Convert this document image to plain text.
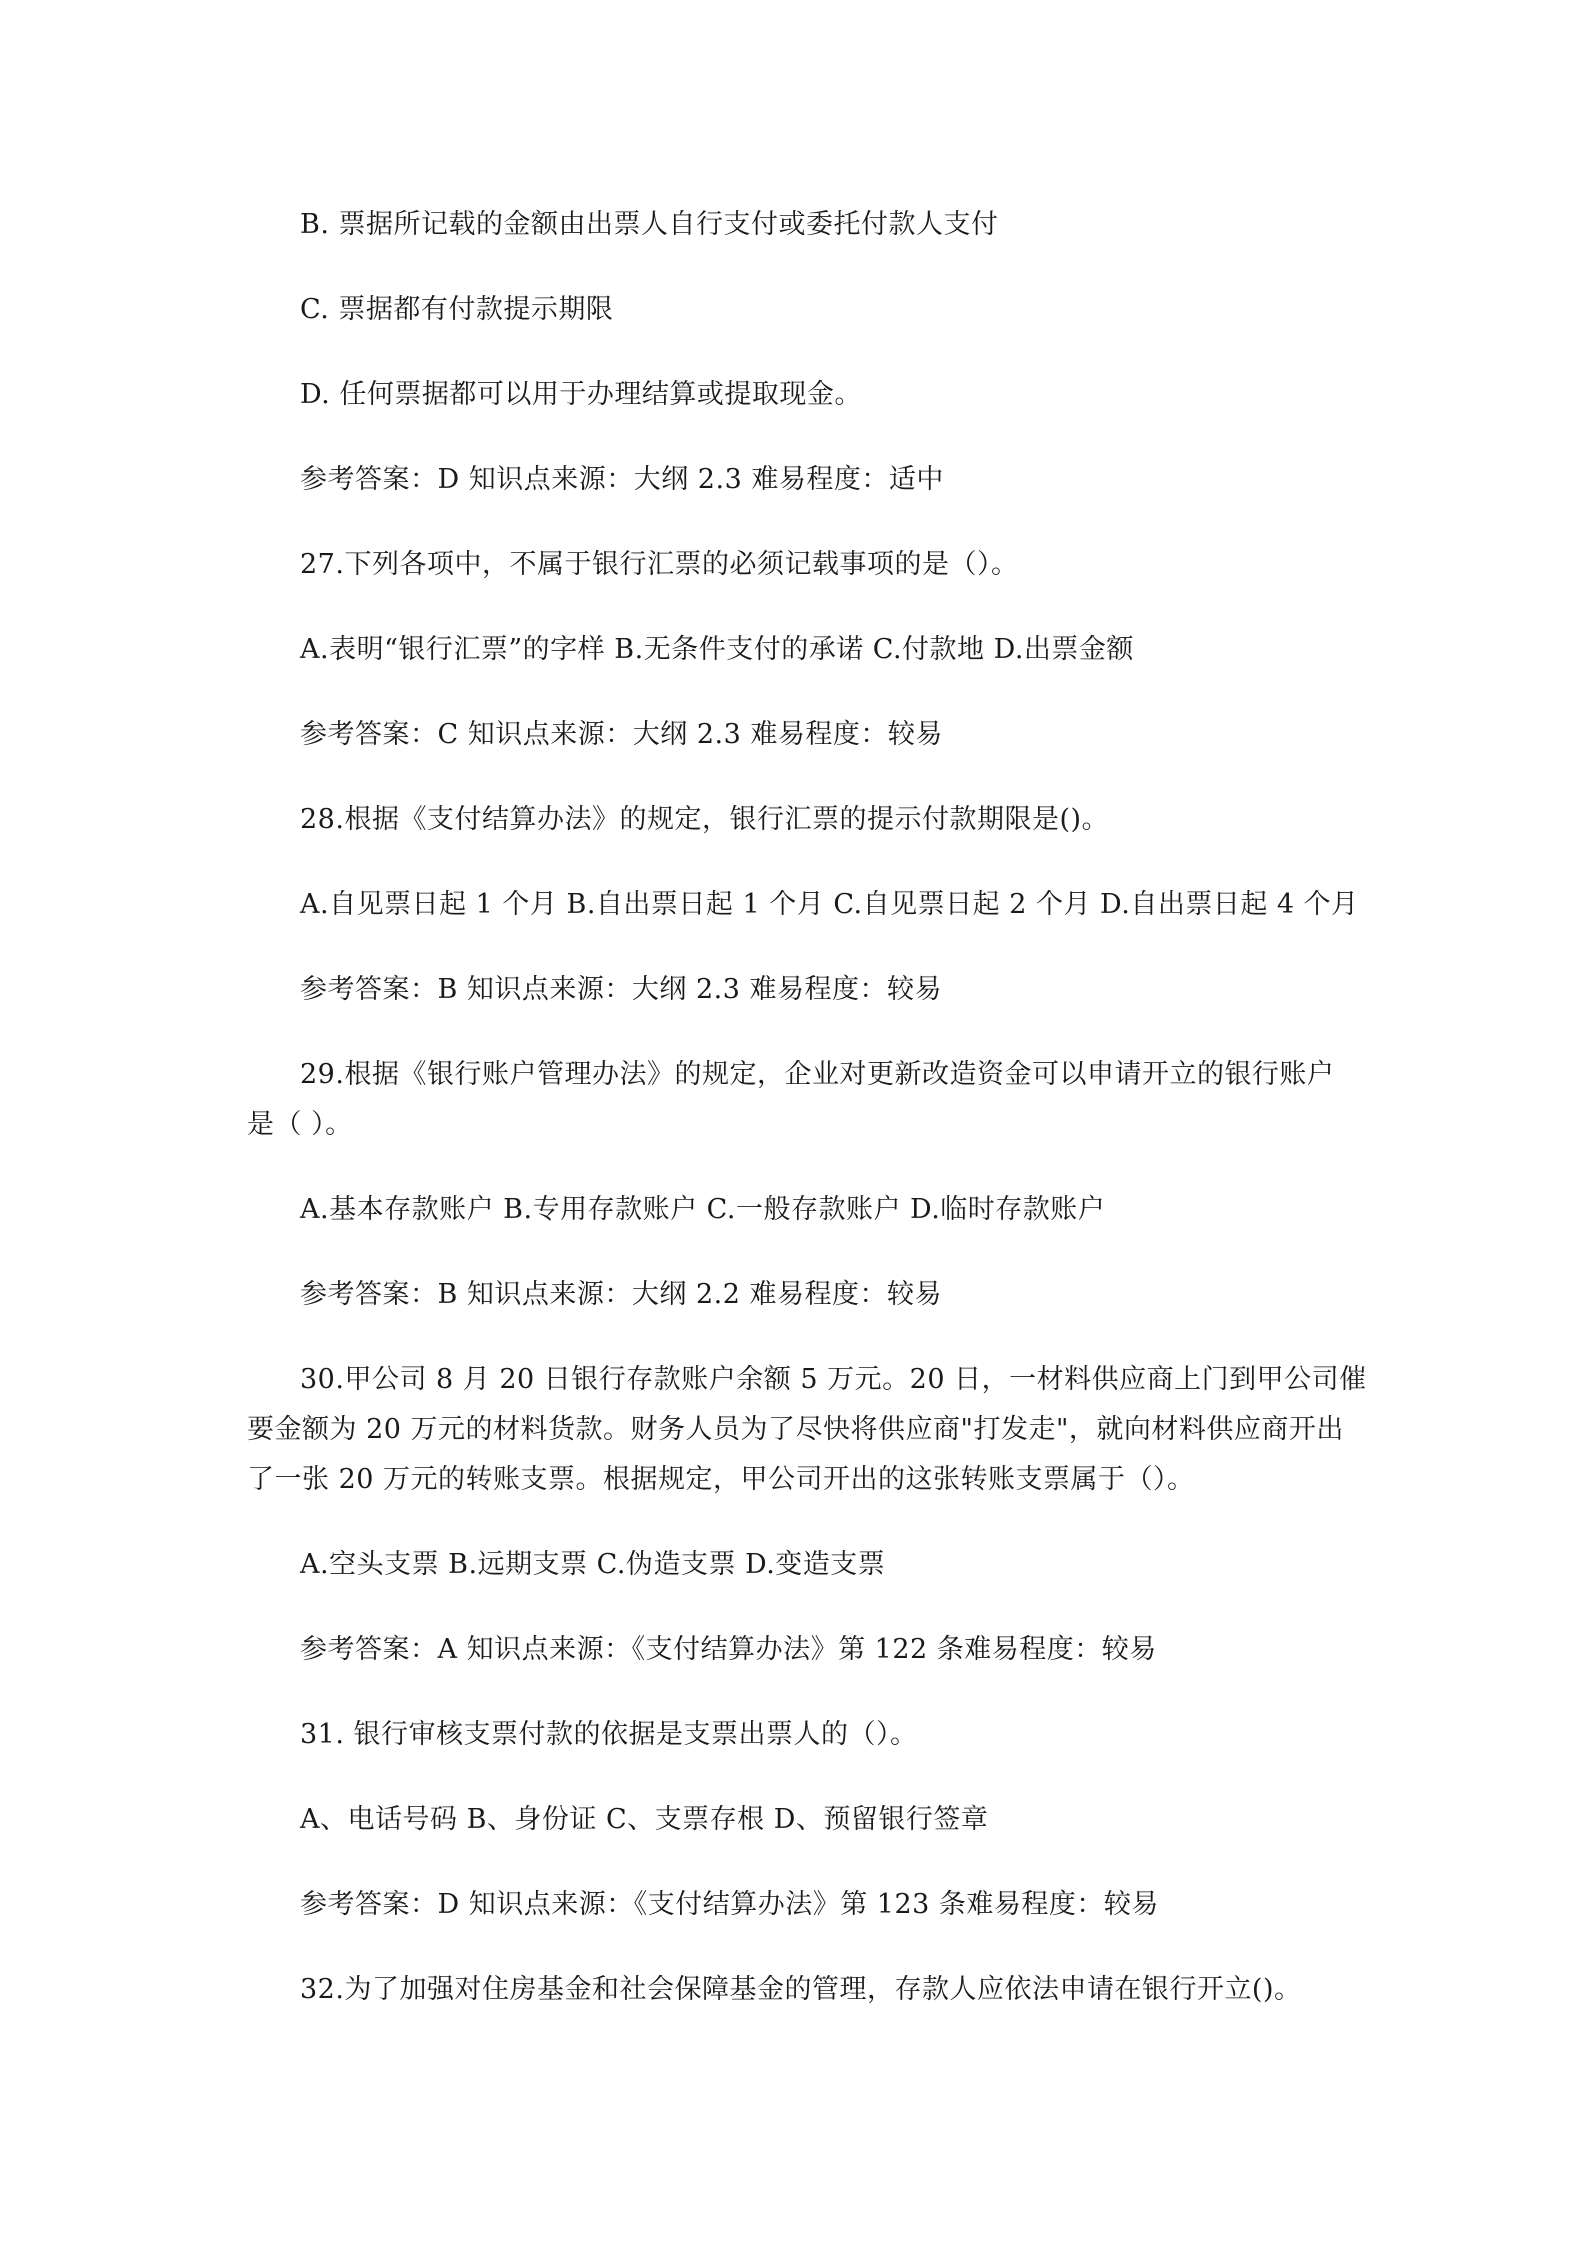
B. 票据所记载的金额由出票人自行支付或委托付款人支付
C. 票据都有付款提示期限
D. 任何票据都可以用于办理结算或提取现金。
参考答案：D 知识点来源：大纲 2.3 难易程度：适中
27.下列各项中，不属于银行汇票的必须记载事项的是（）。
A.表明“银行汇票”的字样 B.无条件支付的承诺 C.付款地 D.出票金额
参考答案：C 知识点来源：大纲 2.3 难易程度：较易
28.根据《支付结算办法》的规定，银行汇票的提示付款期限是()。
A.自见票日起 1 个月 B.自出票日起 1 个月 C.自见票日起 2 个月 D.自出票日起 4 个月
参考答案：B 知识点来源：大纲 2.3 难易程度：较易
29.根据《银行账户管理办法》的规定，企业对更新改造资金可以申请开立的银行账户
是（ ）。
A.基本存款账户 B.专用存款账户 C.一般存款账户 D.临时存款账户
参考答案：B 知识点来源：大纲 2.2 难易程度：较易
30.甲公司 8 月 20 日银行存款账户余额 5 万元。20 日，一材料供应商上门到甲公司催
要金额为 20 万元的材料货款。财务人员为了尽快将供应商"打发走"，就向材料供应商开出
了一张 20 万元的转账支票。根据规定，甲公司开出的这张转账支票属于（）。
A.空头支票 B.远期支票 C.伪造支票 D.变造支票
参考答案：A 知识点来源：《支付结算办法》第 122 条难易程度：较易
31. 银行审核支票付款的依据是支票出票人的（）。
A、电话号码 B、身份证 C、支票存根 D、预留银行签章
参考答案：D 知识点来源：《支付结算办法》第 123 条难易程度：较易
32.为了加强对住房基金和社会保障基金的管理，存款人应依法申请在银行开立()。
